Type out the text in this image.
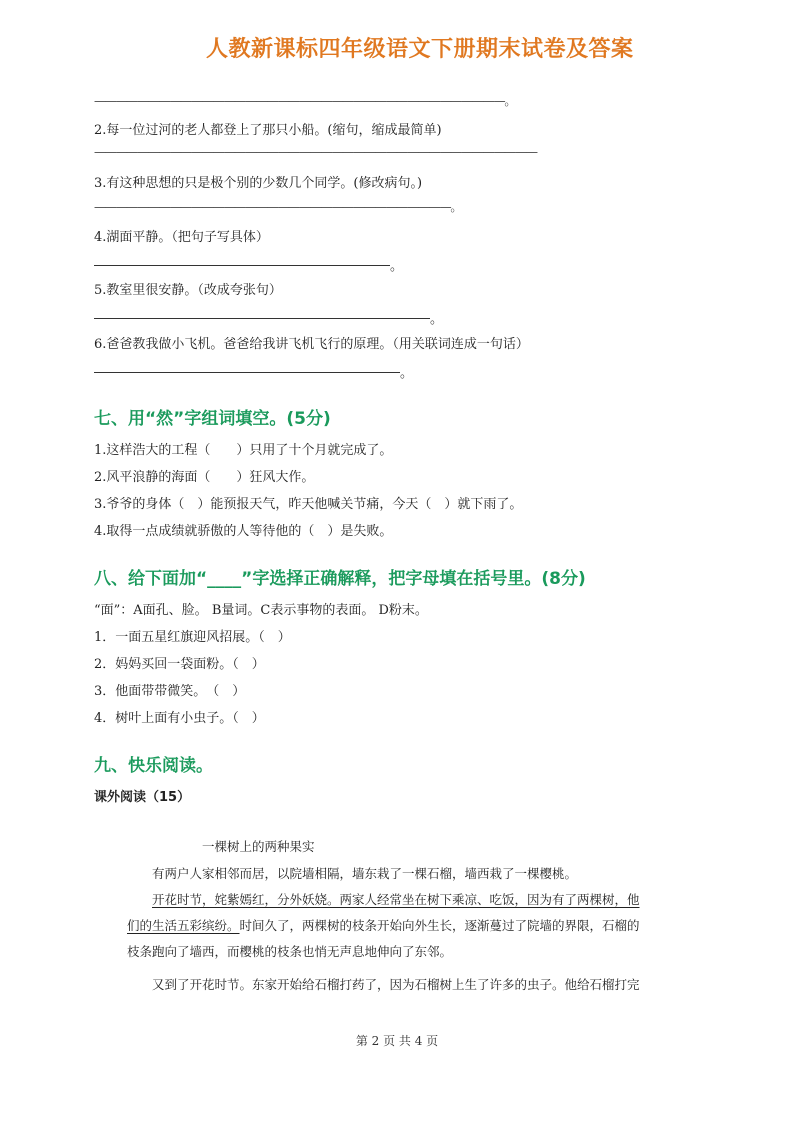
人教新课标四年级语文下册期末试卷及答案
——————————————————————————————————————。
2.每一位过河的老人都登上了那只小船。(缩句，缩成最简单)
—————————————————————————————————————————
3.有这种思想的只是极个别的少数几个同学。(修改病句。)
—————————————————————————————————。
4.湖面平静。（把句子写具体）
。
5.教室里很安静。（改成夸张句）
。
6.爸爸教我做小飞机。爸爸给我讲飞机飞行的原理。（用关联词连成一句话）
。
七、用“然”字组词填空。(5分)
1.这样浩大的工程（　　）只用了十个月就完成了。
2.风平浪静的海面（　　）狂风大作。
3.爷爷的身体（　）能预报天气，昨天他喊关节痛，今天（　）就下雨了。
4.取得一点成绩就骄傲的人等待他的（　）是失败。
八、给下面加“____”字选择正确解释，把字母填在括号里。(8分)
“面”：A面孔、脸。 B量词。C表示事物的表面。 D粉末。
1．一面五星红旗迎风招展。（　）
2．妈妈买回一袋面粉。（　）
3．他面带带微笑。　（　）
4．树叶上面有小虫子。（　）
九、快乐阅读。
课外阅读（15）
一棵树上的两种果实
有两户人家相邻而居，以院墙相隔，墙东栽了一棵石榴，墙西栽了一棵樱桃。
开花时节，姹紫嫣红，分外妖娆。两家人经常坐在树下乘凉、吃饭，因为有了两棵树，他
们的生活五彩缤纷。时间久了，两棵树的枝条开始向外生长，逐渐蔓过了院墙的界限，石榴的
枝条跑向了墙西，而樱桃的枝条也悄无声息地伸向了东邻。
又到了开花时节。东家开始给石榴打药了，因为石榴树上生了许多的虫子。他给石榴打完
第 2 页 共 4 页
